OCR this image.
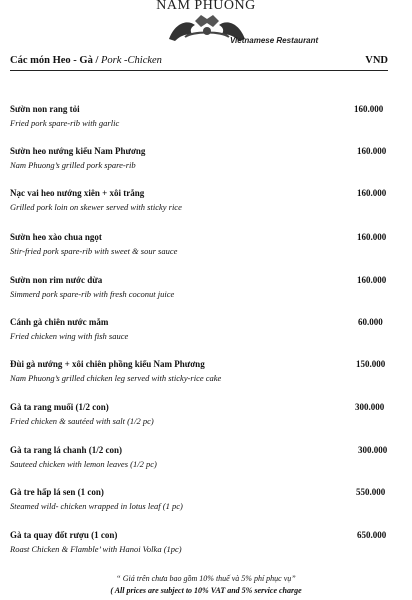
NAM PHUONG
Vietnamese Restaurant
Các món Heo - Gà / Pork -Chicken	VND
Sườn non rang tỏi
Fried pork spare-rib with garlic
160.000
Sườn heo nướng kiểu Nam Phương
Nam Phuong’s grilled pork spare-rib
160.000
Nạc vai heo nướng xiên + xôi trắng
Grilled pork loin on skewer served with sticky rice
160.000
Sườn heo xào chua ngọt
Stir-fried pork spare-rib with sweet & sour sauce
160.000
Sườn non rim nước dừa
Simmerd pork spare-rib with fresh coconut juice
160.000
Cánh gà chiên nước mắm
Fried chicken wing with fish sauce
60.000
Đùi gà nướng + xôi chiên phồng kiểu Nam Phương
Nam Phuong’s grilled chicken leg served with sticky-rice cake
150.000
Gà ta rang muối (1/2 con)
Fried chicken & sautéed with salt (1/2 pc)
300.000
Gà ta rang lá chanh (1/2 con)
Sauteed chicken with lemon leaves (1/2 pc)
300.000
Gà tre hấp lá sen (1 con)
Steamed wild- chicken wrapped in lotus leaf (1 pc)
550.000
Gà ta quay đốt rượu (1 con)
Roast Chicken & Flamble’ with Hanoi Volka (1pc)
650.000
“ Giá trên chưa bao gồm 10% thuế và 5% phí phục vụ”
( All prices are subject to 10% VAT and 5% service charge
